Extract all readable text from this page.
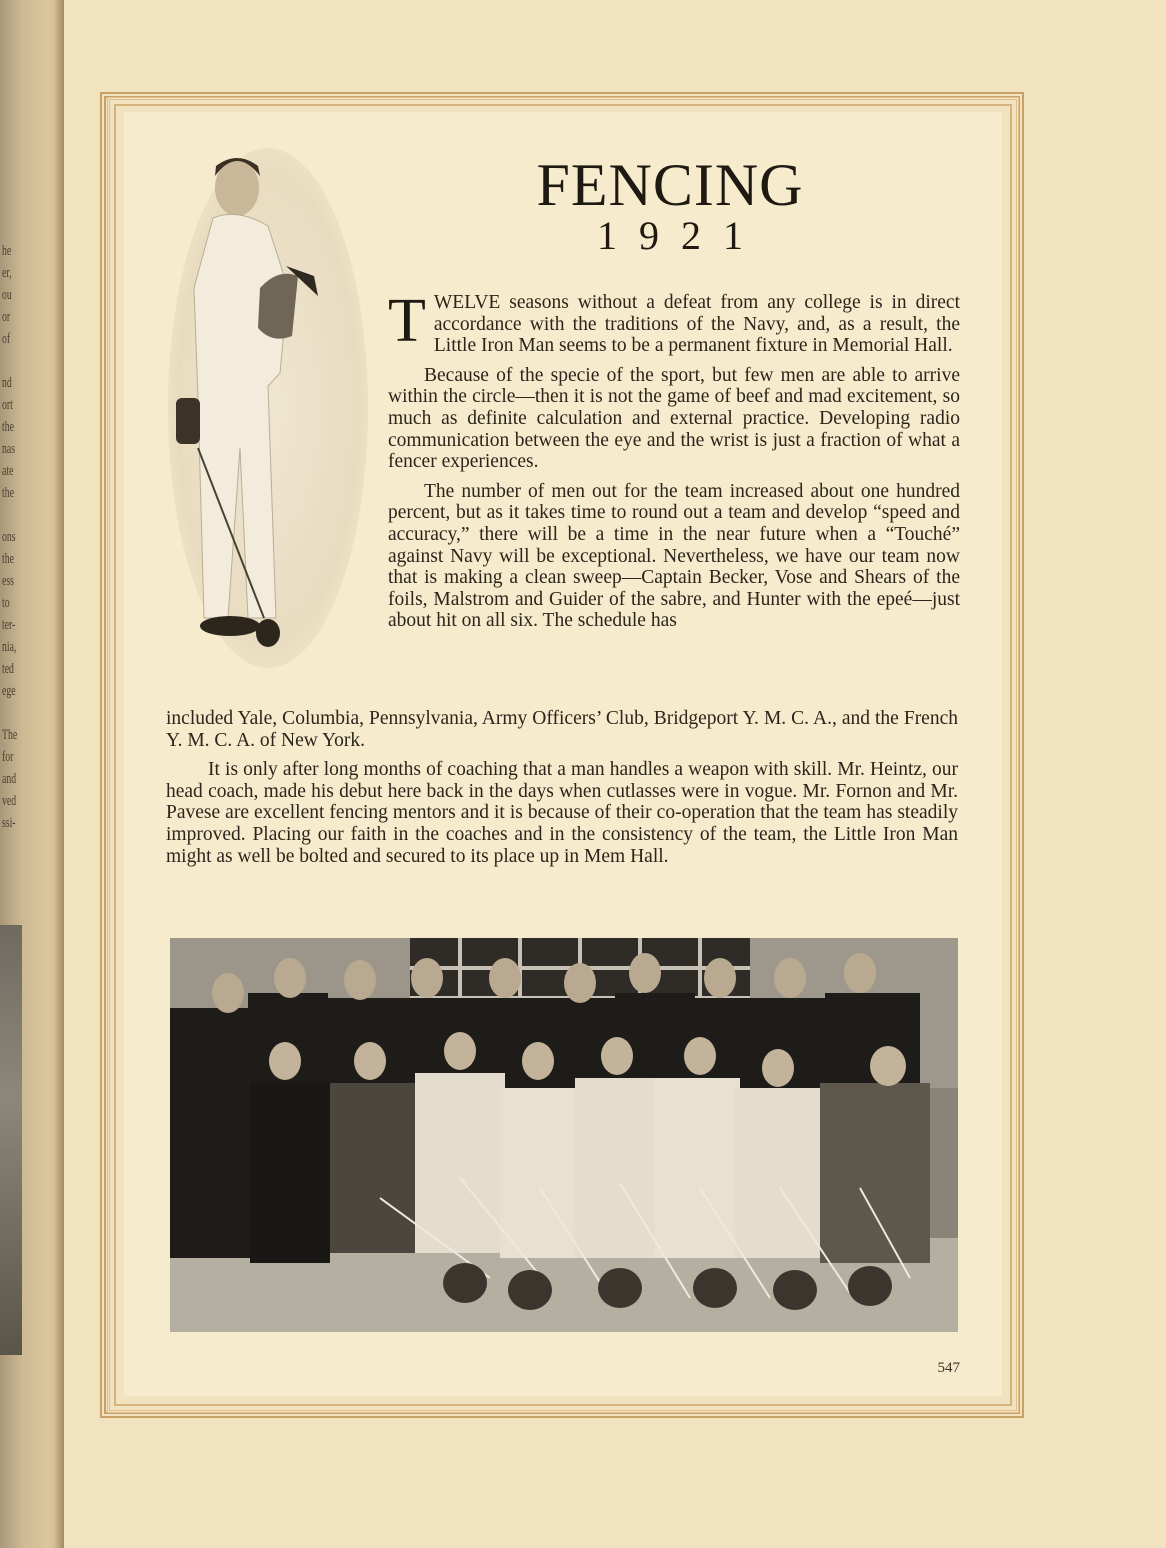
he
er,
ou
or
of

nd
ort
the
nas
ate
the

ons
the
ess
to
ter-
nia,
ted
ege

The
for
and
ved
ssi-
FENCING
1921

TWELVE seasons without a defeat from any college is in direct accordance with the traditions of the Navy, and, as a result, the Little Iron Man seems to be a permanent fixture in Memorial Hall.

Because of the specie of the sport, but few men are able to arrive within the circle—then it is not the game of beef and mad excitement, so much as definite calculation and external practice. Developing radio communication between the eye and the wrist is just a fraction of what a fencer experiences.

The number of men out for the team increased about one hundred percent, but as it takes time to round out a team and develop “speed and accuracy,” there will be a time in the near future when a “Touché” against Navy will be exceptional. Nevertheless, we have our team now that is making a clean sweep—Captain Becker, Vose and Shears of the foils, Malstrom and Guider of the sabre, and Hunter with the epeé—just about hit on all six. The schedule has

included Yale, Columbia, Pennsylvania, Army Officers’ Club, Bridgeport Y. M. C. A., and the French Y. M. C. A. of New York.

It is only after long months of coaching that a man handles a weapon with skill. Mr. Heintz, our head coach, made his debut here back in the days when cutlasses were in vogue. Mr. Fornon and Mr. Pavese are excellent fencing mentors and it is because of their co-operation that the team has steadily improved. Placing our faith in the coaches and in the consistency of the team, the Little Iron Man might as well be bolted and secured to its place up in Mem Hall.

547
